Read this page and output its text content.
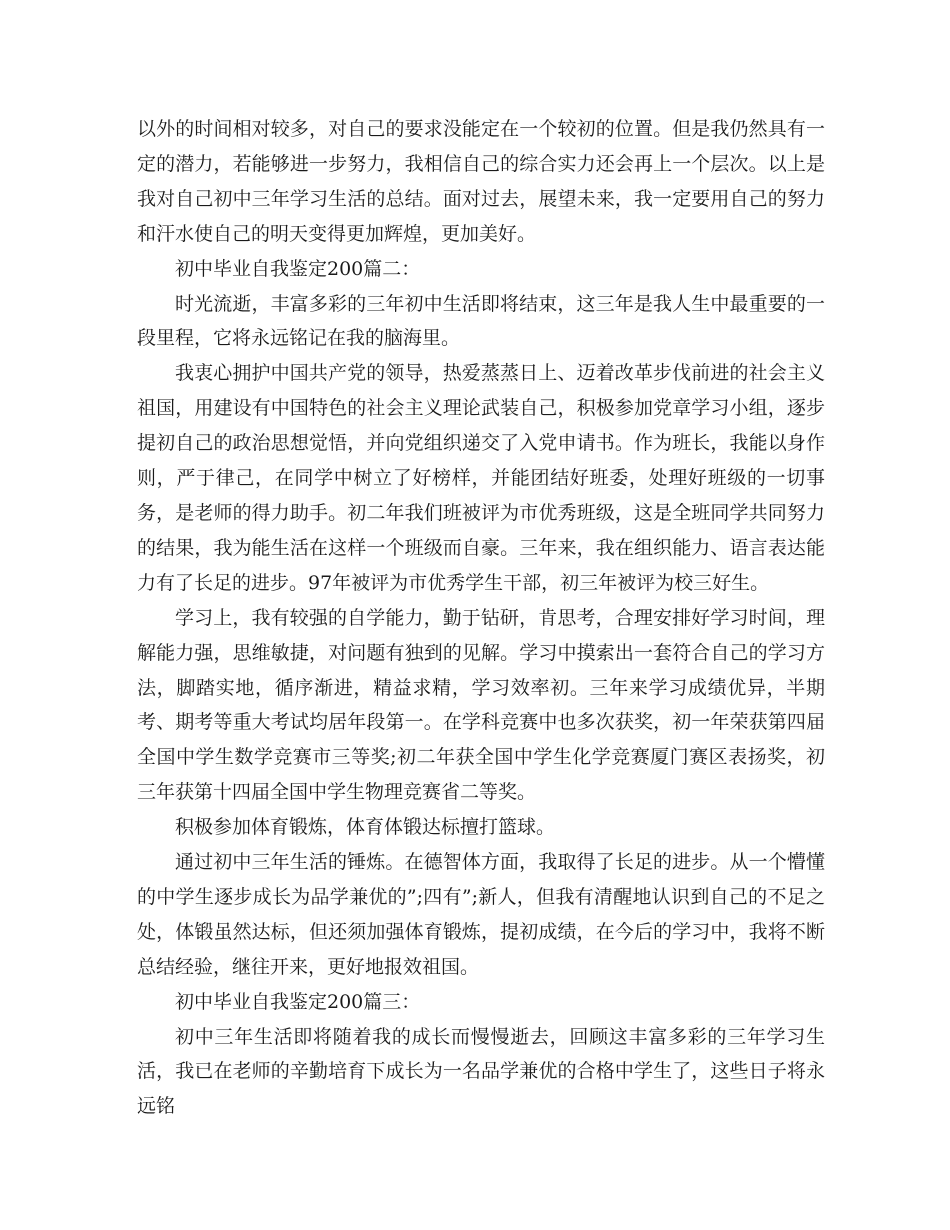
以外的时间相对较多，对自己的要求没能定在一个较初的位置。但是我仍然具有一定的潜力，若能够进一步努力，我相信自己的综合实力还会再上一个层次。以上是我对自己初中三年学习生活的总结。面对过去，展望未来，我一定要用自己的努力和汗水使自己的明天变得更加辉煌，更加美好。

初中毕业自我鉴定200篇二：

时光流逝，丰富多彩的三年初中生活即将结束，这三年是我人生中最重要的一段里程，它将永远铭记在我的脑海里。

我衷心拥护中国共产党的领导，热爱蒸蒸日上、迈着改革步伐前进的社会主义祖国，用建设有中国特色的社会主义理论武装自己，积极参加党章学习小组，逐步提初自己的政治思想觉悟，并向党组织递交了入党申请书。作为班长，我能以身作则，严于律己，在同学中树立了好榜样，并能团结好班委，处理好班级的一切事务，是老师的得力助手。初二年我们班被评为市优秀班级，这是全班同学共同努力的结果，我为能生活在这样一个班级而自豪。三年来，我在组织能力、语言表达能力有了长足的进步。97年被评为市优秀学生干部，初三年被评为校三好生。

学习上，我有较强的自学能力，勤于钻研，肯思考，合理安排好学习时间，理解能力强，思维敏捷，对问题有独到的见解。学习中摸索出一套符合自己的学习方法，脚踏实地，循序渐进，精益求精，学习效率初。三年来学习成绩优异，半期考、期考等重大考试均居年段第一。在学科竞赛中也多次获奖，初一年荣获第四届全国中学生数学竞赛市三等奖;初二年获全国中学生化学竞赛厦门赛区表扬奖，初三年获第十四届全国中学生物理竞赛省二等奖。

积极参加体育锻炼，体育体锻达标擅打篮球。

通过初中三年生活的锤炼。在德智体方面，我取得了长足的进步。从一个懵懂的中学生逐步成长为品学兼优的”;四有”;新人，但我有清醒地认识到自己的不足之处，体锻虽然达标，但还须加强体育锻炼，提初成绩，在今后的学习中，我将不断总结经验，继往开来，更好地报效祖国。

初中毕业自我鉴定200篇三：

初中三年生活即将随着我的成长而慢慢逝去，回顾这丰富多彩的三年学习生活，我已在老师的辛勤培育下成长为一名品学兼优的合格中学生了，这些日子将永远铭
